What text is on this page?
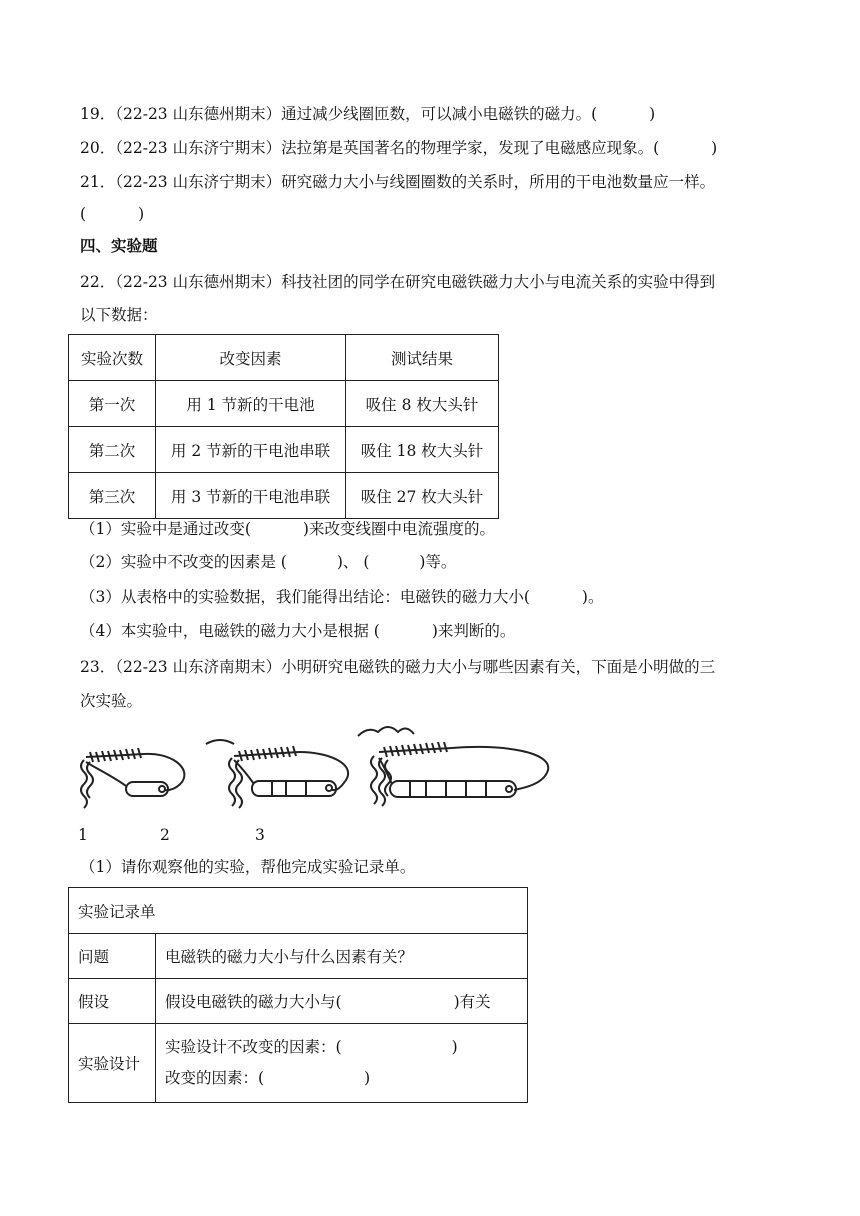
19．（22-23 山东德州期末）通过减少线圈匝数，可以减小电磁铁的磁力。(	)
20．（22-23 山东济宁期末）法拉第是英国著名的物理学家，发现了电磁感应现象。(	)
21．（22-23 山东济宁期末）研究磁力大小与线圈圈数的关系时，所用的干电池数量应一样。
(	)
四、实验题
22．（22-23 山东德州期末）科技社团的同学在研究电磁铁磁力大小与电流关系的实验中得到
以下数据：
实验次数	改变因素	测试结果
第一次	用 1 节新的干电池	吸住 8 枚大头针
第二次	用 2 节新的干电池串联	吸住 18 枚大头针
第三次	用 3 节新的干电池串联	吸住 27 枚大头针
（1）实验中是通过改变(	)来改变线圈中电流强度的。
（2）实验中不改变的因素是 (	)、 (	)等。
（3）从表格中的实验数据，我们能得出结论：电磁铁的磁力大小(	)。
（4）本实验中，电磁铁的磁力大小是根据 (	)来判断的。
23．（22-23 山东济南期末）小明研究电磁铁的磁力大小与哪些因素有关，下面是小明做的三
次实验。
1	2	3
（1）请你观察他的实验，帮他完成实验记录单。
实验记录单	
问题	电磁铁的磁力大小与什么因素有关？
假设	假设电磁铁的磁力大小与( )有关
实验设计	实验设计不改变的因素：( )
改变的因素：( )
